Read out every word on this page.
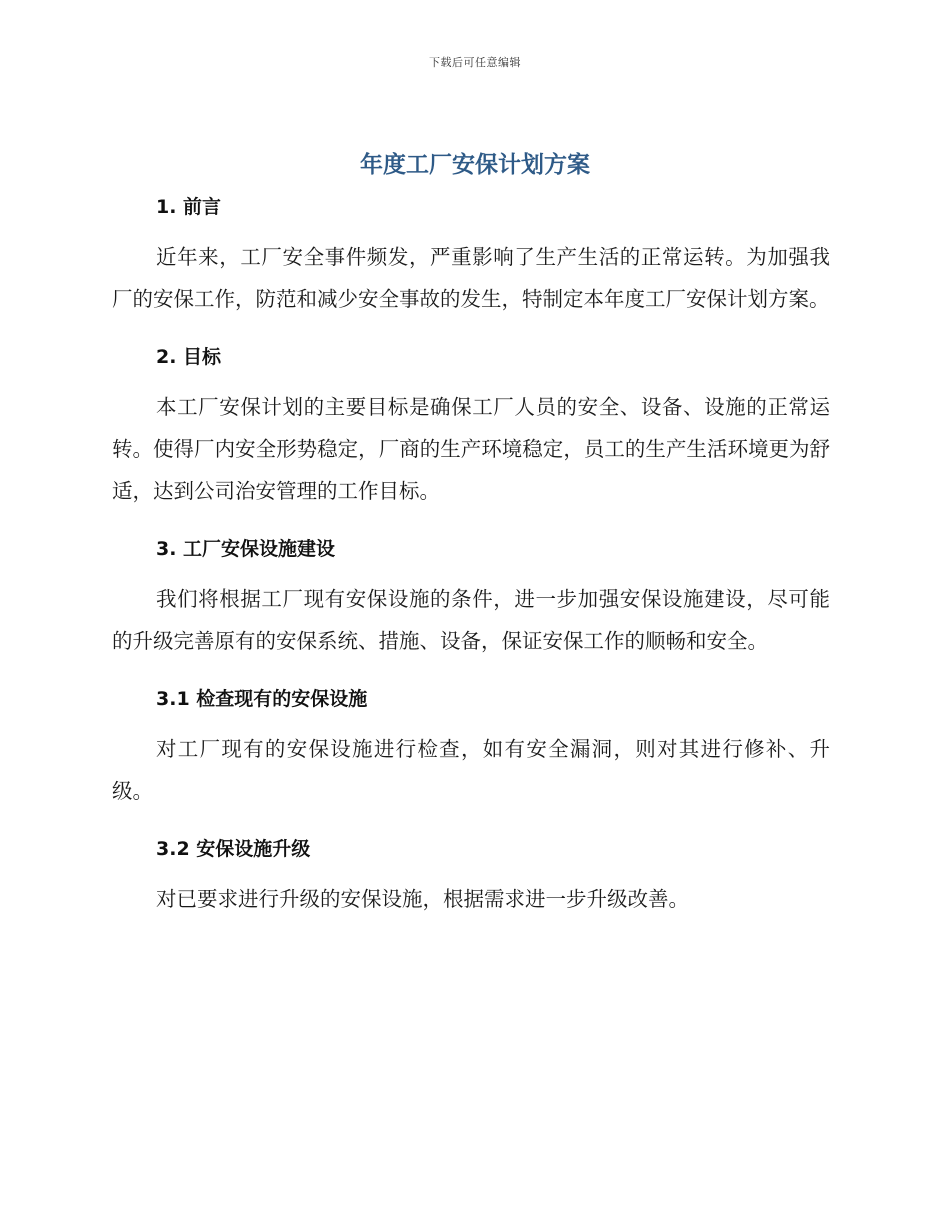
下载后可任意编辑
年度工厂安保计划方案
1. 前言

近年来，工厂安全事件频发，严重影响了生产生活的正常运转。为加强我厂的安保工作，防范和减少安全事故的发生，特制定本年度工厂安保计划方案。

2. 目标

本工厂安保计划的主要目标是确保工厂人员的安全、设备、设施的正常运转。使得厂内安全形势稳定，厂商的生产环境稳定，员工的生产生活环境更为舒适，达到公司治安管理的工作目标。

3. 工厂安保设施建设

我们将根据工厂现有安保设施的条件，进一步加强安保设施建设，尽可能的升级完善原有的安保系统、措施、设备，保证安保工作的顺畅和安全。

3.1 检查现有的安保设施

对工厂现有的安保设施进行检查，如有安全漏洞，则对其进行修补、升级。

3.2 安保设施升级

对已要求进行升级的安保设施，根据需求进一步升级改善。
